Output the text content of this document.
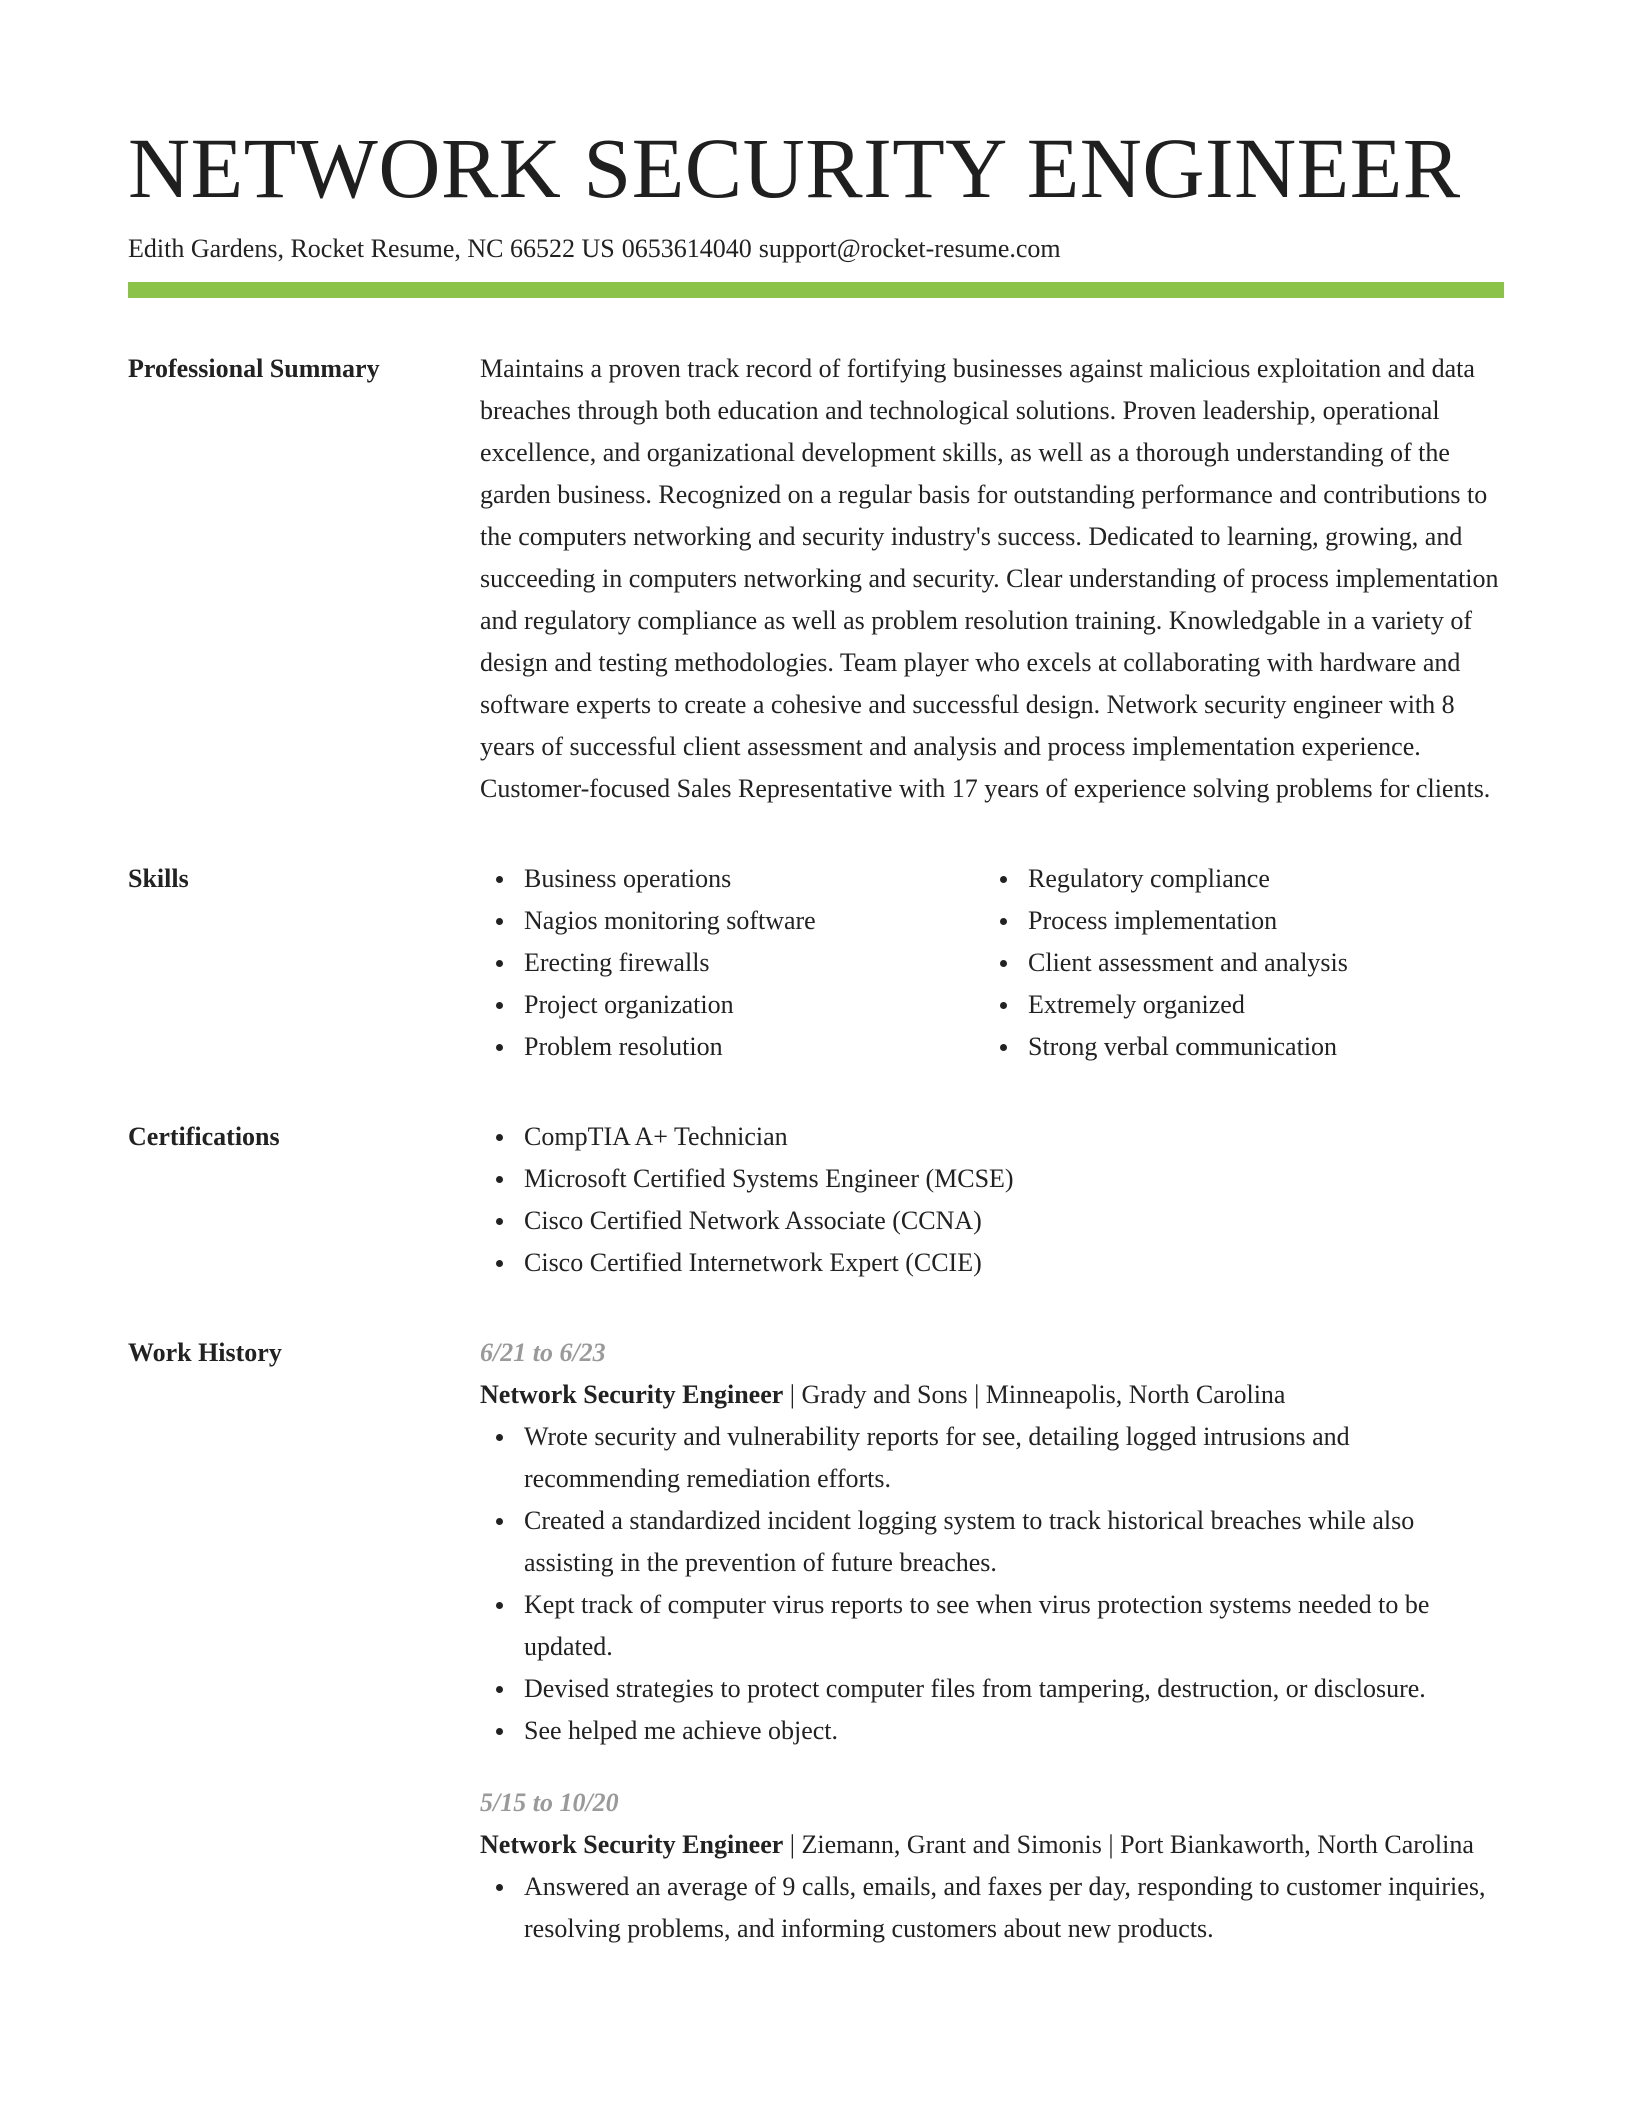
NETWORK SECURITY ENGINEER
Edith Gardens, Rocket Resume, NC 66522 US 0653614040 support@rocket-resume.com
Professional Summary	Maintains a proven track record of fortifying businesses against malicious exploitation and data breaches through both education and technological solutions. Proven leadership, operational excellence, and organizational development skills, as well as a thorough understanding of the garden business. Recognized on a regular basis for outstanding performance and contributions to the computers networking and security industry's success. Dedicated to learning, growing, and succeeding in computers networking and security. Clear understanding of process implementation and regulatory compliance as well as problem resolution training. Knowledgable in a variety of design and testing methodologies. Team player who excels at collaborating with hardware and software experts to create a cohesive and successful design. Network security engineer with 8 years of successful client assessment and analysis and process implementation experience. Customer-focused Sales Representative with 17 years of experience solving problems for clients.

Skills	Business operations
Nagios monitoring software
Erecting firewalls
Project organization
Problem resolution
Regulatory compliance
Process implementation
Client assessment and analysis
Extremely organized
Strong verbal communication
Certifications	CompTIA A+ Technician
Microsoft Certified Systems Engineer (MCSE)
Cisco Certified Network Associate (CCNA)
Cisco Certified Internetwork Expert (CCIE)
Work History	6/21 to 6/23
Network Security Engineer | Grady and Sons | Minneapolis, North Carolina
Wrote security and vulnerability reports for see, detailing logged intrusions and recommending remediation efforts.
Created a standardized incident logging system to track historical breaches while also assisting in the prevention of future breaches.
Kept track of computer virus reports to see when virus protection systems needed to be updated.
Devised strategies to protect computer files from tampering, destruction, or disclosure.
See helped me achieve object.
5/15 to 10/20
Network Security Engineer | Ziemann, Grant and Simonis | Port Biankaworth, North Carolina
Answered an average of 9 calls, emails, and faxes per day, responding to customer inquiries, resolving problems, and informing customers about new products.
